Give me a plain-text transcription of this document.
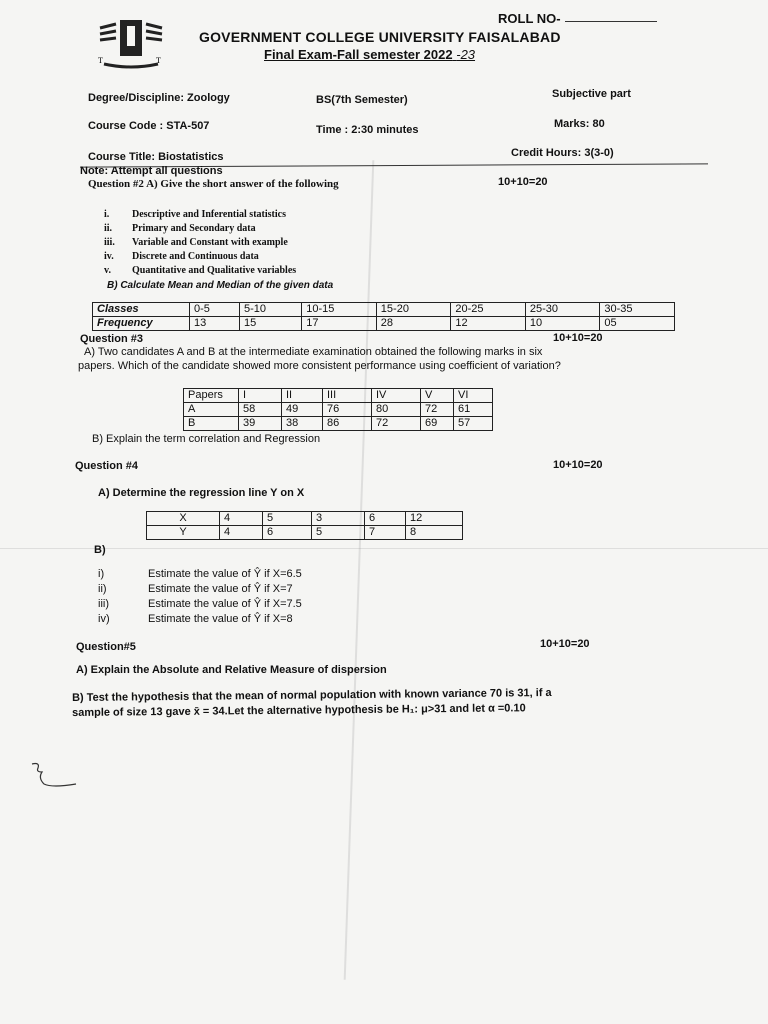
T	T
ROLL NO-
GOVERNMENT COLLEGE UNIVERSITY FAISALABAD
Final Exam-Fall semester 2022 -23
Degree/Discipline: Zoology	BS(7th Semester)	Subjective part
Course Code : STA-507	Time : 2:30 minutes	Marks: 80
Course Title: Biostatistics	Credit Hours: 3(3-0)
Note: Attempt all questions
Question #2 A) Give the short answer of the following	10+10=20
i. Descriptive and Inferential statistics
ii. Primary and Secondary data
iii. Variable and Constant with example
iv. Discrete and Continuous data
v. Quantitative and Qualitative variables
B) Calculate Mean and Median of the given data
Classes	0-5	5-10	10-15	15-20	20-25	25-30	30-35
Frequency	13	15	17	28	12	10	05
Question #3	10+10=20
A) Two candidates A and B at the intermediate examination obtained the following marks in six
papers. Which of the candidate showed more consistent performance using coefficient of variation?
Papers	I	II	III	IV	V	VI
A	58	49	76	80	72	61
B	39	38	86	72	69	57
B) Explain the term correlation and Regression
Question #4	10+10=20
A) Determine the regression line Y on X
X	4	5	3	6	12
Y	4	6	5	7	8
B)
i)	Estimate the value of Ŷ if X=6.5
ii)	Estimate the value of Ŷ if X=7
iii)	Estimate the value of Ŷ if X=7.5
iv)	Estimate the value of Ŷ if X=8
Question#5	10+10=20
A) Explain the Absolute and Relative Measure of dispersion
B) Test the hypothesis that the mean of normal population with known variance 70 is 31, if a
sample of size 13 gave x̄ = 34.Let the alternative hypothesis be H₁: μ>31 and let α =0.10
